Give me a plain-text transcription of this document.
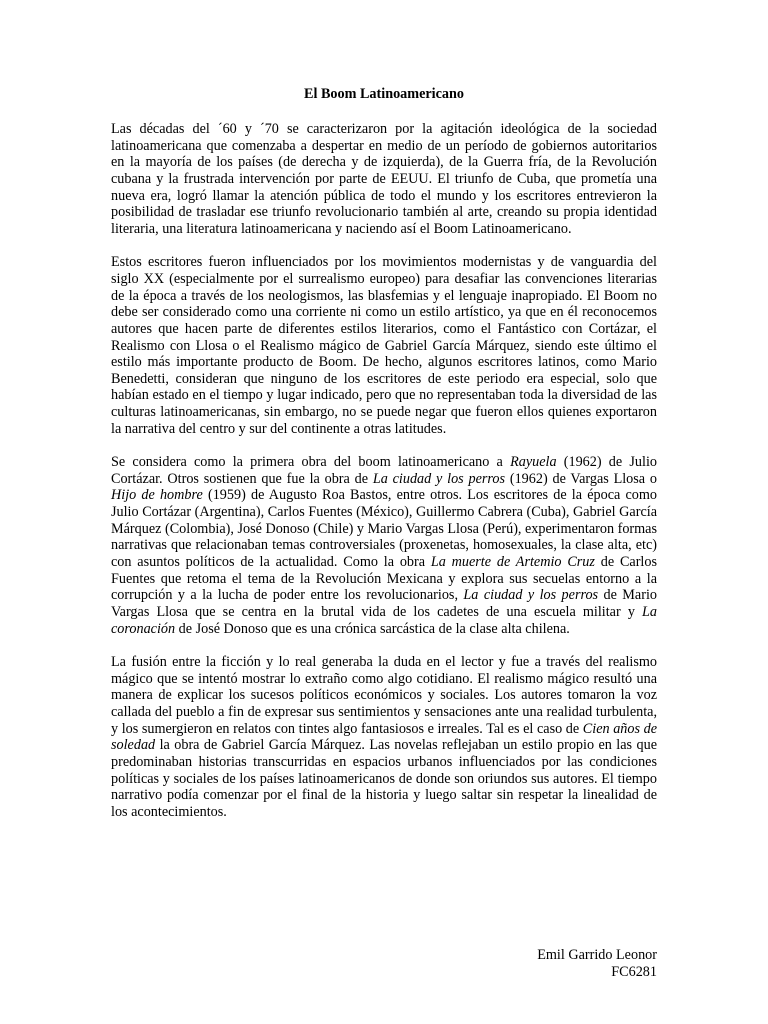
El Boom Latinoamericano

Las décadas del ´60 y ´70 se caracterizaron por la agitación ideológica de la sociedad latinoamericana que comenzaba a despertar en medio de un período de gobiernos autoritarios en la mayoría de los países (de derecha y de izquierda), de la Guerra fría, de la Revolución cubana y la frustrada intervención por parte de EEUU. El triunfo de Cuba, que prometía una nueva era, logró llamar la atención pública de todo el mundo y los escritores entrevieron la posibilidad de trasladar ese triunfo revolucionario también al arte, creando su propia identidad literaria, una literatura latinoamericana y naciendo así el Boom Latinoamericano.

Estos escritores fueron influenciados por los movimientos modernistas y de vanguardia del siglo XX (especialmente por el surrealismo europeo) para desafiar las convenciones literarias de la época a través de los neologismos, las blasfemias y el lenguaje inapropiado. El Boom no debe ser considerado como una corriente ni como un estilo artístico, ya que en él reconocemos autores que hacen parte de diferentes estilos literarios, como el Fantástico con Cortázar, el Realismo con Llosa o el Realismo mágico de Gabriel García Márquez, siendo este último el estilo más importante producto de Boom. De hecho, algunos escritores latinos, como Mario Benedetti, consideran que ninguno de los escritores de este periodo era especial, solo que habían estado en el tiempo y lugar indicado, pero que no representaban toda la diversidad de las culturas latinoamericanas, sin embargo, no se puede negar que fueron ellos quienes exportaron la narrativa del centro y sur del continente a otras latitudes.

Se considera como la primera obra del boom latinoamericano a Rayuela (1962) de Julio Cortázar. Otros sostienen que fue la obra de La ciudad y los perros (1962) de Vargas Llosa o Hijo de hombre (1959) de Augusto Roa Bastos, entre otros. Los escritores de la época como Julio Cortázar (Argentina), Carlos Fuentes (México), Guillermo Cabrera (Cuba), Gabriel García Márquez (Colombia), José Donoso (Chile) y Mario Vargas Llosa (Perú), experimentaron formas narrativas que relacionaban temas controversiales (proxenetas, homosexuales, la clase alta, etc) con asuntos políticos de la actualidad. Como la obra La muerte de Artemio Cruz de Carlos Fuentes que retoma el tema de la Revolución Mexicana y explora sus secuelas entorno a la corrupción y a la lucha de poder entre los revolucionarios, La ciudad y los perros de Mario Vargas Llosa que se centra en la brutal vida de los cadetes de una escuela militar y La coronación de José Donoso que es una crónica sarcástica de la clase alta chilena.

La fusión entre la ficción y lo real generaba la duda en el lector y fue a través del realismo mágico que se intentó mostrar lo extraño como algo cotidiano. El realismo mágico resultó una manera de explicar los sucesos políticos económicos y sociales. Los autores tomaron la voz callada del pueblo a fin de expresar sus sentimientos y sensaciones ante una realidad turbulenta, y los sumergieron en relatos con tintes algo fantasiosos e irreales. Tal es el caso de Cien años de soledad la obra de Gabriel García Márquez. Las novelas reflejaban un estilo propio en las que predominaban historias transcurridas en espacios urbanos influenciados por las condiciones políticas y sociales de los países latinoamericanos de donde son oriundos sus autores. El tiempo narrativo podía comenzar por el final de la historia y luego saltar sin respetar la linealidad de los acontecimientos.

Emil Garrido Leonor
FC6281
